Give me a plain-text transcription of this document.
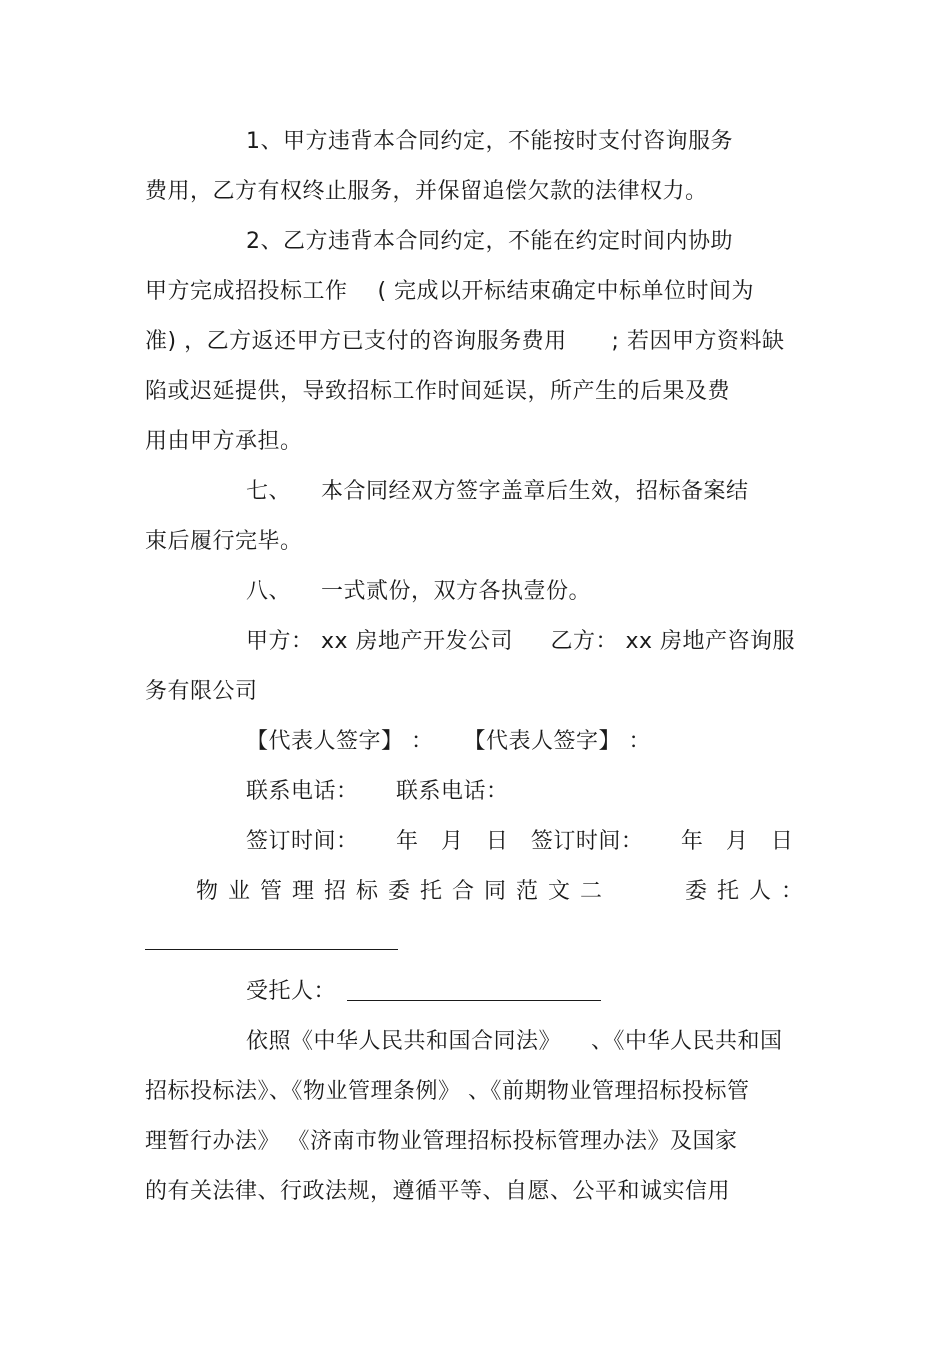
1、甲方违背本合同约定，不能按时支付咨询服务
费用，乙方有权终止服务，并保留追偿欠款的法律权力。
2、乙方违背本合同约定，不能在约定时间内协助
甲方完成招投标工作    ( 完成以开标结束确定中标单位时间为
准) ，乙方返还甲方已支付的咨询服务费用      ; 若因甲方资料缺
陷或迟延提供，导致招标工作时间延误，所产生的后果及费
用由甲方承担。
七、    本合同经双方签字盖章后生效，招标备案结
束后履行完毕。
八、    一式贰份，双方各执壹份。
甲方： xx 房地产开发公司     乙方： xx 房地产咨询服
务有限公司
【代表人签字】 ：    【代表人签字】 ：
联系电话：     联系电话：
签订时间：     年   月   日   签订时间：     年   月   日
物业管理招标委托合同范文二	委托人：
受托人：
依照《中华人民共和国合同法》    、《中华人民共和国
招标投标法》、《物业管理条例》 、《前期物业管理招标投标管
理暂行办法》 《济南市物业管理招标投标管理办法》及国家
的有关法律、行政法规，遵循平等、自愿、公平和诚实信用
